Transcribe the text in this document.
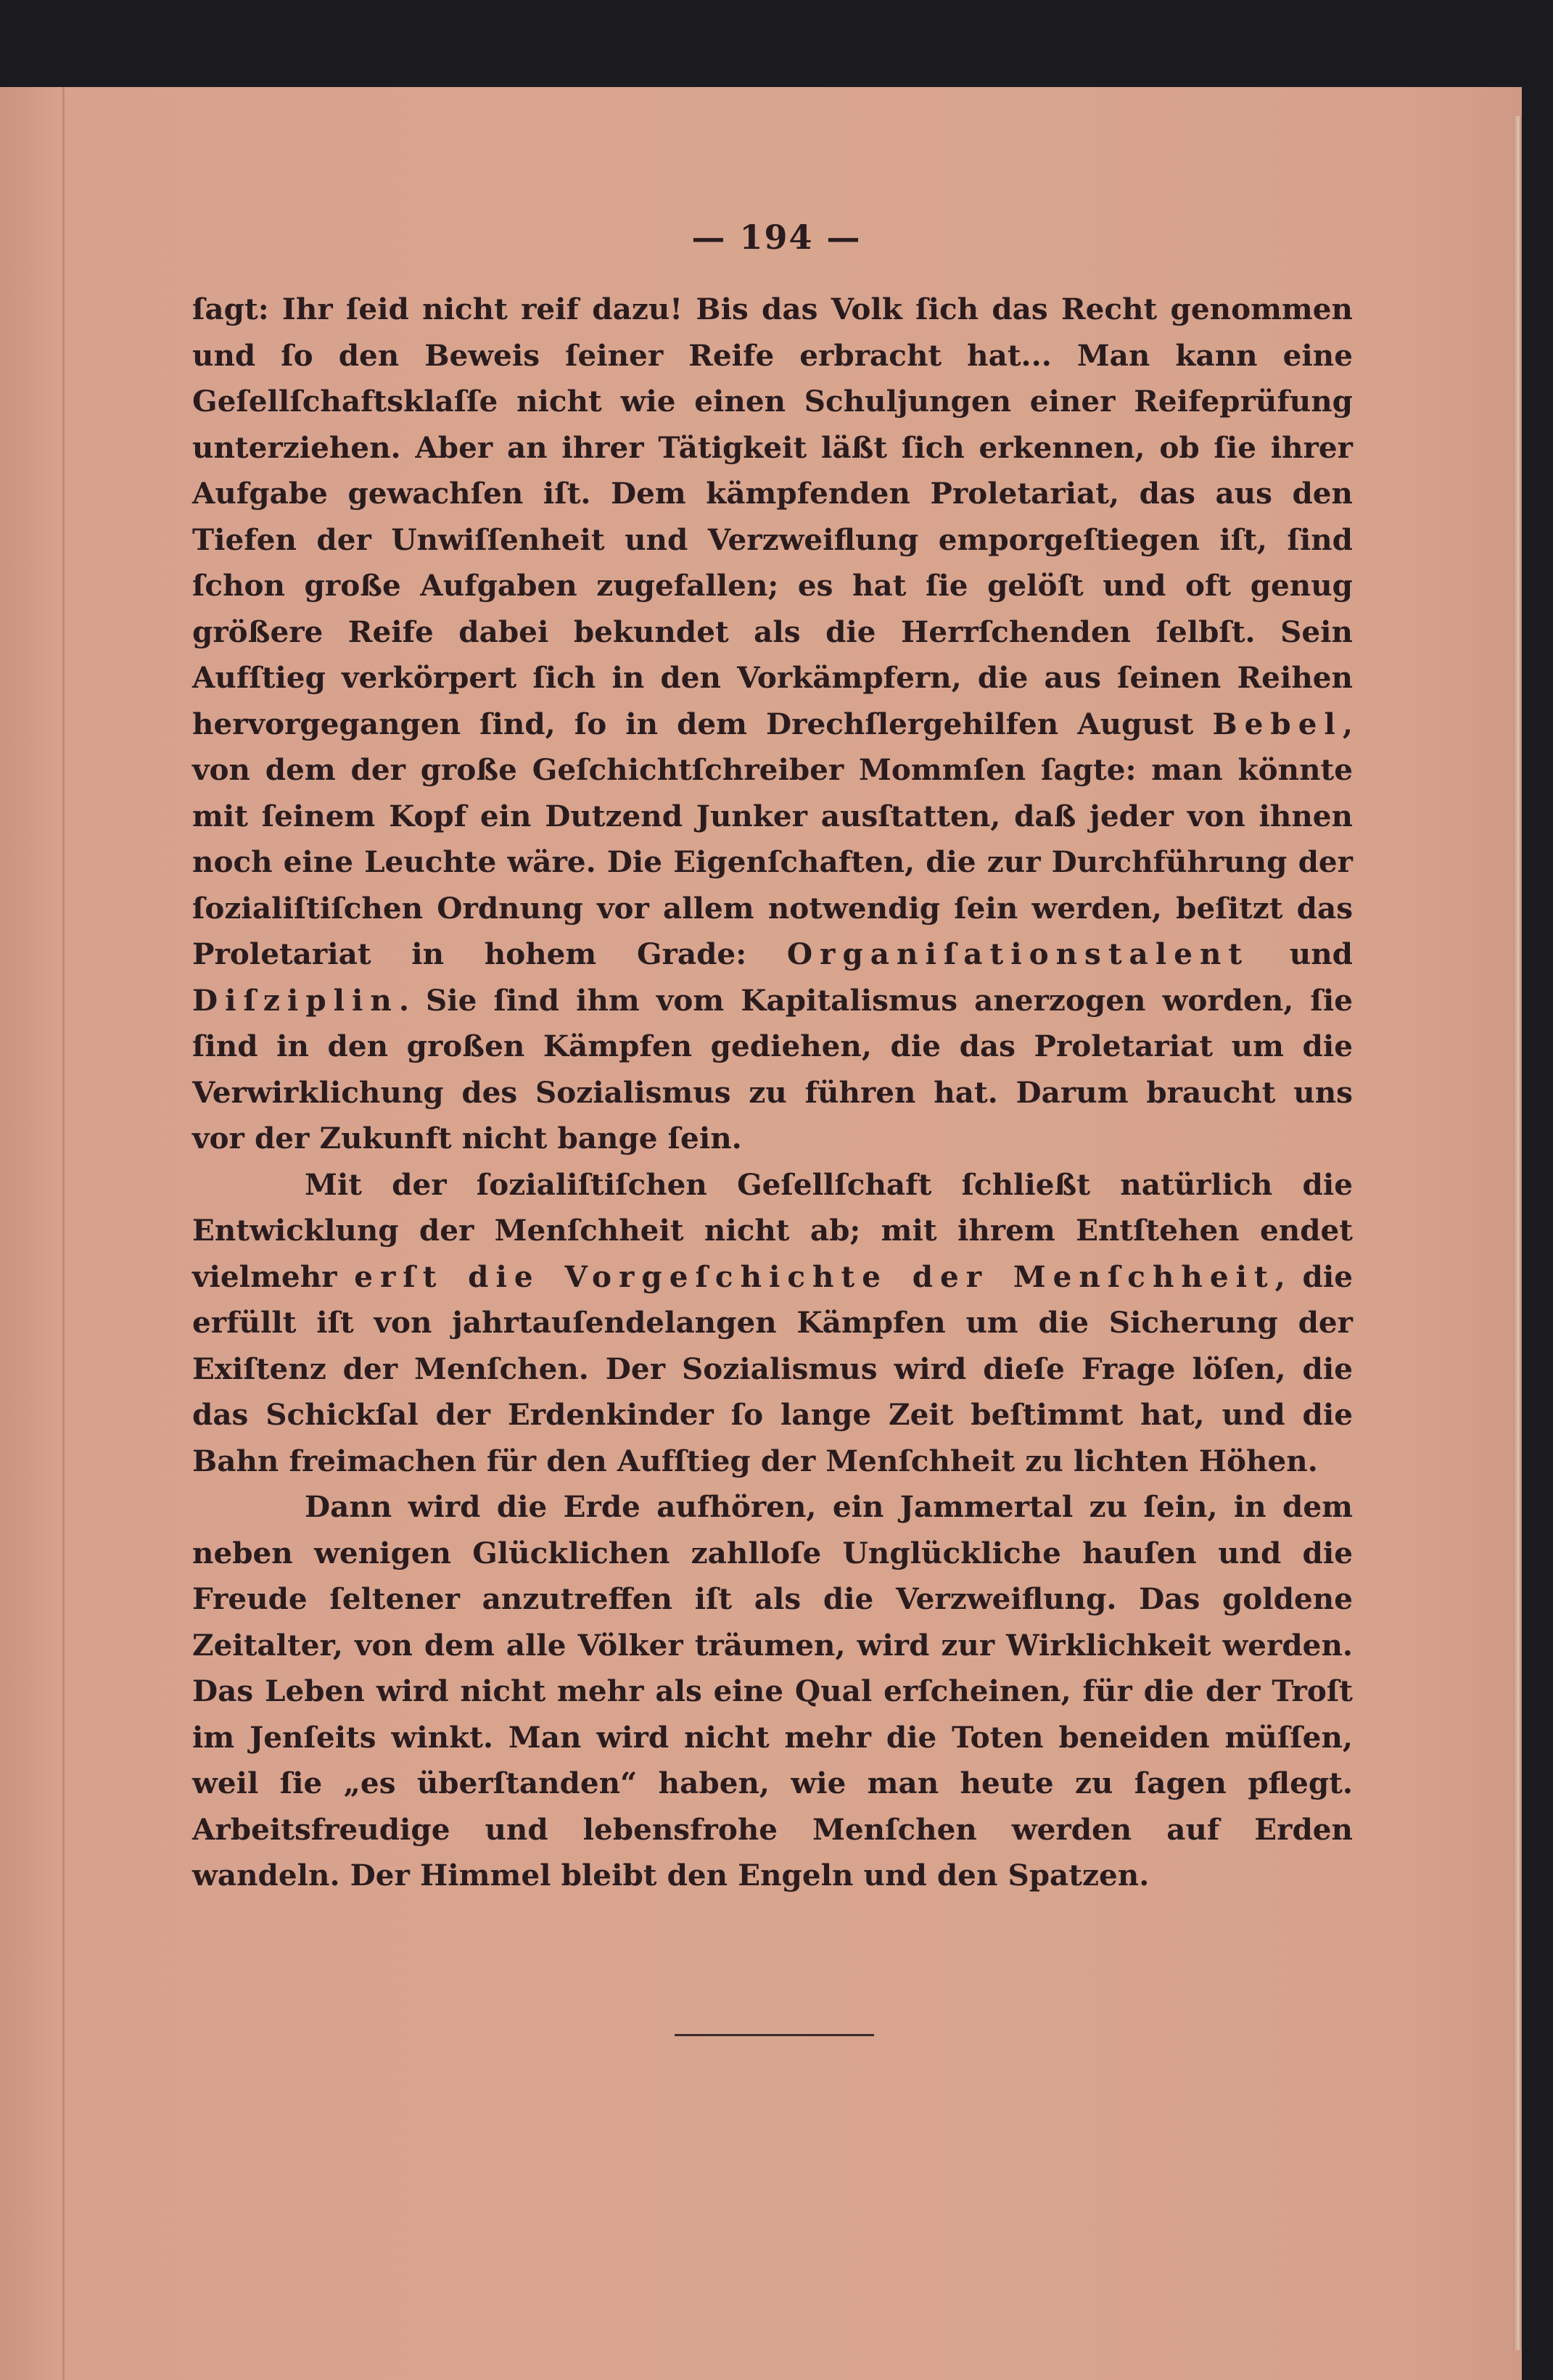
— 194 —

ſagt: Ihr ſeid nicht reif dazu! Bis das Volk ſich das Recht genommen und ſo den Beweis ſeiner Reife erbracht hat... Man kann eine Geſellſchaftsklaſſe nicht wie einen Schuljungen einer Reifeprüfung unterziehen. Aber an ihrer Tätigkeit läßt ſich erkennen, ob ſie ihrer Aufgabe gewachſen iſt. Dem kämpfenden Proletariat, das aus den Tiefen der Unwiſſenheit und Verzweiflung emporgeſtiegen iſt, ſind ſchon große Aufgaben zugefallen; es hat ſie gelöſt und oft genug größere Reife dabei bekundet als die Herrſchenden ſelbſt. Sein Aufſtieg verkörpert ſich in den Vorkämpfern, die aus ſeinen Reihen hervorgegangen ſind, ſo in dem Drechſlergehilfen August Bebel, von dem der große Geſchichtſchreiber Mommſen ſagte: man könnte mit ſeinem Kopf ein Dutzend Junker ausſtatten, daß jeder von ihnen noch eine Leuchte wäre. Die Eigenſchaften, die zur Durchführung der ſozialiſtiſchen Ordnung vor allem notwendig ſein werden, beſitzt das Proletariat in hohem Grade: Organiſationstalent und Diſziplin. Sie ſind ihm vom Kapitalismus anerzogen worden, ſie ſind in den großen Kämpfen gediehen, die das Proletariat um die Verwirklichung des Sozialismus zu führen hat. Darum braucht uns vor der Zukunft nicht bange ſein.

Mit der ſozialiſtiſchen Geſellſchaft ſchließt natürlich die Entwicklung der Menſchheit nicht ab; mit ihrem Entſtehen endet vielmehr erſt die Vorgeſchichte der Menſchheit, die erfüllt iſt von jahrtauſendelangen Kämpfen um die Sicherung der Exiſtenz der Menſchen. Der Sozialismus wird dieſe Frage löſen, die das Schickſal der Erdenkinder ſo lange Zeit beſtimmt hat, und die Bahn freimachen für den Aufſtieg der Menſchheit zu lichten Höhen.

Dann wird die Erde aufhören, ein Jammertal zu ſein, in dem neben wenigen Glücklichen zahlloſe Unglückliche hauſen und die Freude ſeltener anzutreffen iſt als die Verzweiflung. Das goldene Zeitalter, von dem alle Völker träumen, wird zur Wirklichkeit werden. Das Leben wird nicht mehr als eine Qual erſcheinen, für die der Troſt im Jenſeits winkt. Man wird nicht mehr die Toten beneiden müſſen, weil ſie „es überſtanden“ haben, wie man heute zu ſagen pflegt. Arbeitsfreudige und lebensfrohe Menſchen werden auf Erden wandeln. Der Himmel bleibt den Engeln und den Spatzen.
